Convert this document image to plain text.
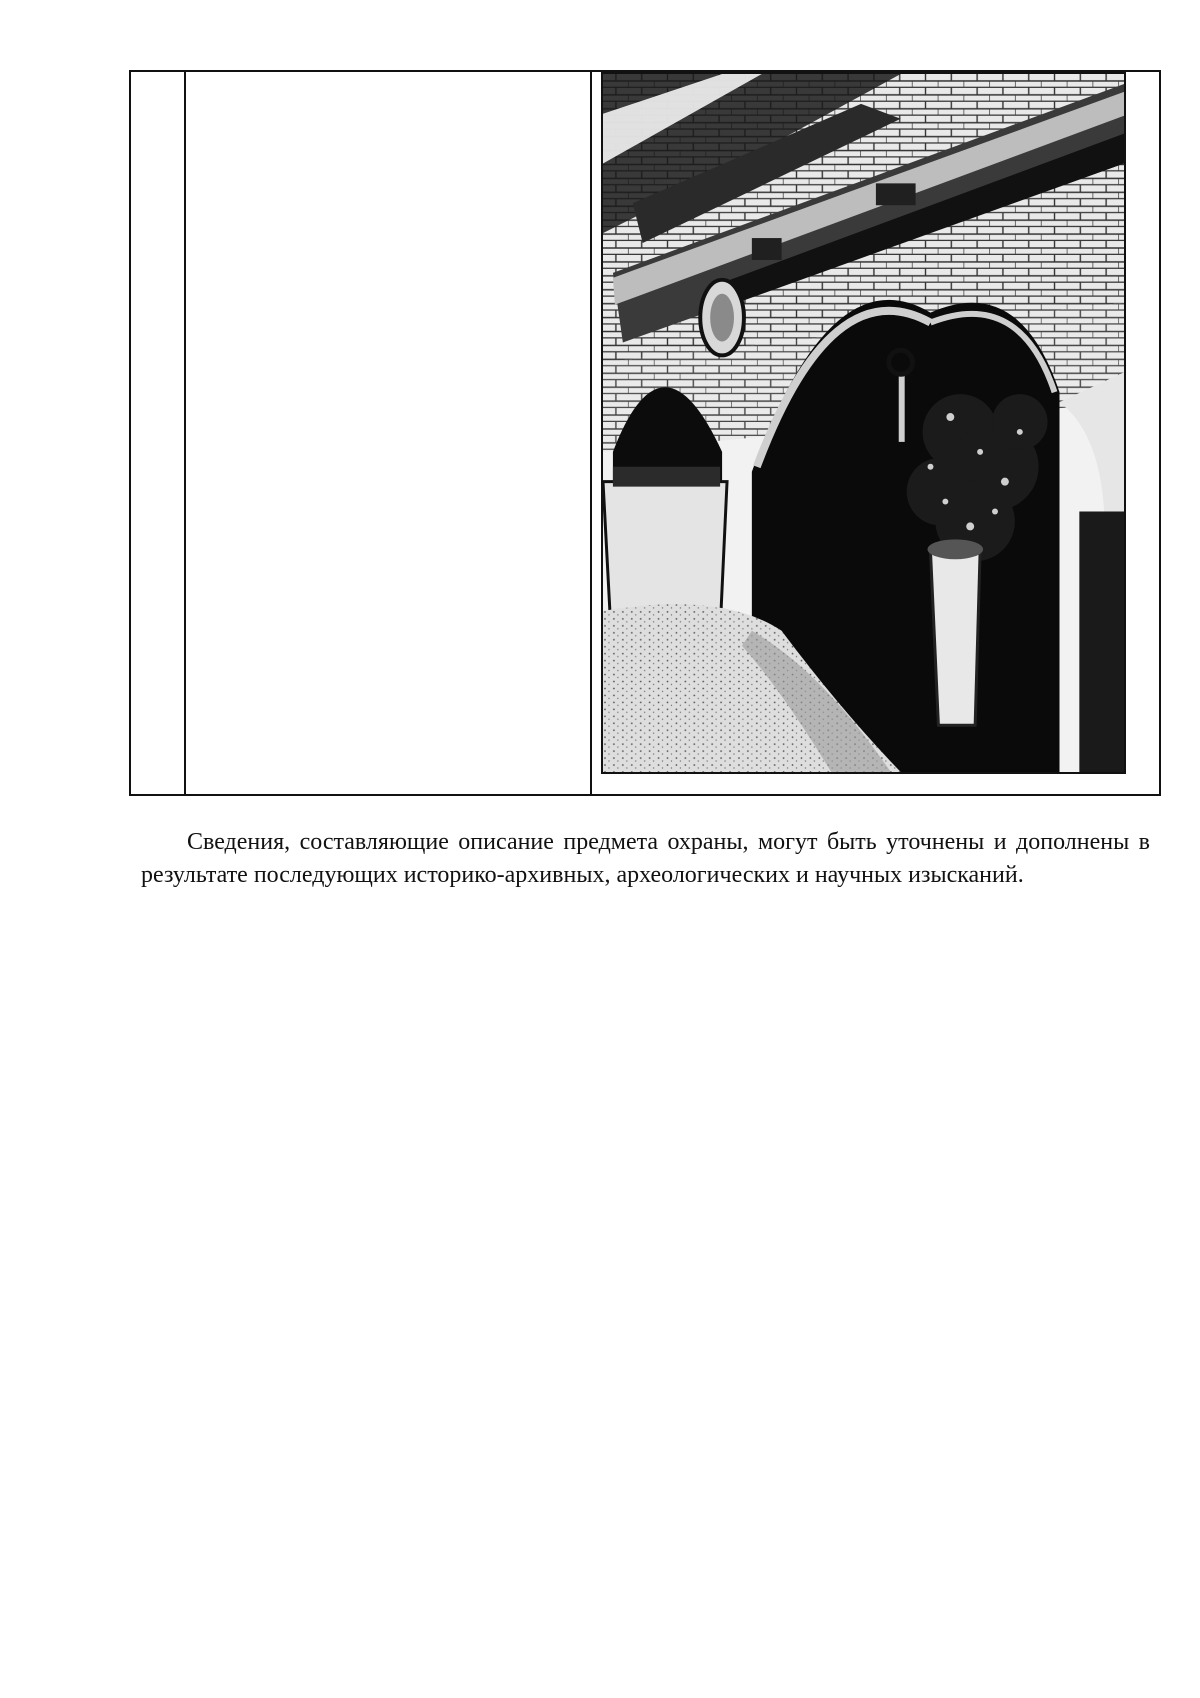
Сведения, составляющие описание предмета охраны, могут быть уточнены и дополнены в результате последующих историко-архивных, археологических и научных изысканий.
